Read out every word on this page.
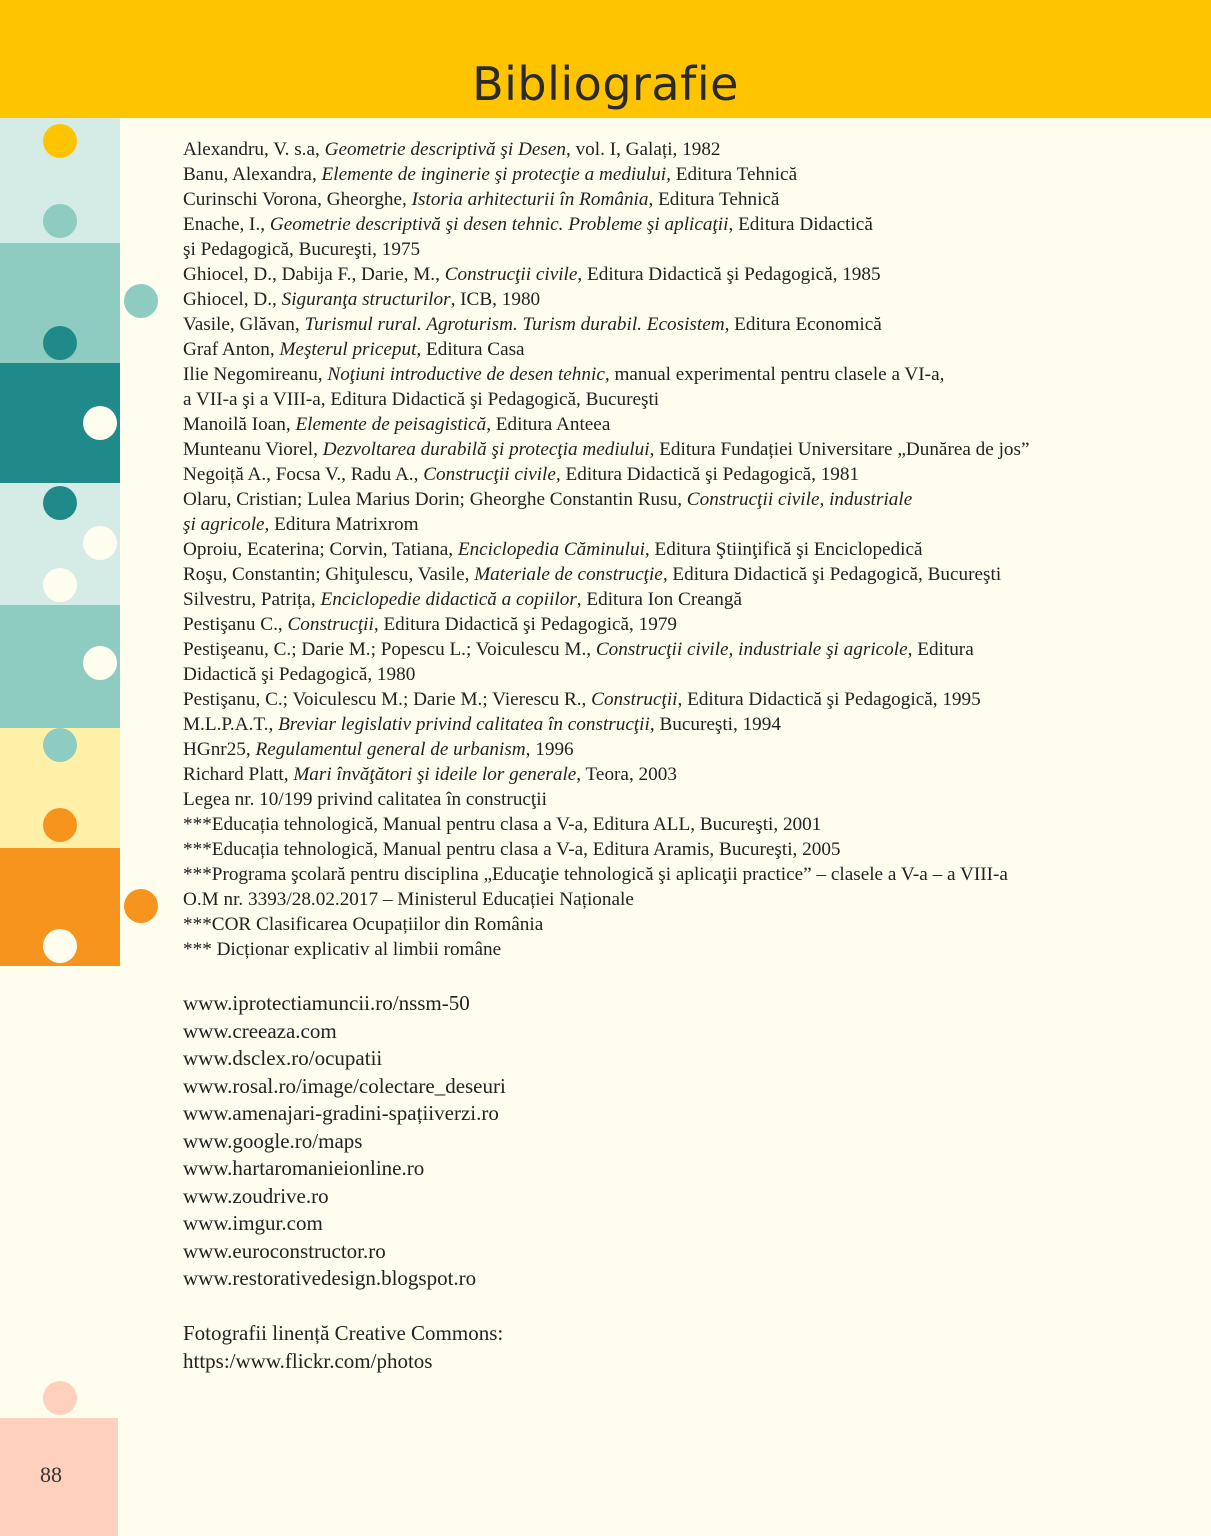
Bibliografie
Alexandru, V. s.a, Geometrie descriptivă şi Desen, vol. I, Galați, 1982
Banu, Alexandra, Elemente de inginerie şi protecţie a mediului, Editura Tehnică
Curinschi Vorona, Gheorghe, Istoria arhitecturii în România, Editura Tehnică
Enache, I., Geometrie descriptivă şi desen tehnic. Probleme şi aplicaţii, Editura Didactică
şi Pedagogică, Bucureşti, 1975
Ghiocel, D., Dabija F., Darie, M., Construcţii civile, Editura Didactică şi Pedagogică, 1985
Ghiocel, D., Siguranţa structurilor, ICB, 1980
Vasile, Glăvan, Turismul rural. Agroturism. Turism durabil. Ecosistem, Editura Economică
Graf Anton, Meşterul priceput, Editura Casa
Ilie Negomireanu, Noţiuni introductive de desen tehnic, manual experimental pentru clasele a VI-a,
a VII-a şi a VIII-a, Editura Didactică şi Pedagogică, Bucureşti
Manoilă Ioan, Elemente de peisagistică, Editura Anteea
Munteanu Viorel, Dezvoltarea durabilă şi protecţia mediului, Editura Fundației Universitare „Dunărea de jos”
Negoiță A., Focsa V., Radu A., Construcţii civile, Editura Didactică şi Pedagogică, 1981
Olaru, Cristian; Lulea Marius Dorin; Gheorghe Constantin Rusu, Construcţii civile, industriale
şi agricole, Editura Matrixrom
Oproiu, Ecaterina; Corvin, Tatiana, Enciclopedia Căminului, Editura Ştiinţifică şi Enciclopedică
Roşu, Constantin; Ghiţulescu, Vasile, Materiale de construcţie, Editura Didactică şi Pedagogică, Bucureşti
Silvestru, Patrița, Enciclopedie didactică a copiilor, Editura Ion Creangă
Pestişanu C., Construcţii, Editura Didactică şi Pedagogică, 1979
Pestişeanu, C.; Darie M.; Popescu L.; Voiculescu M., Construcţii civile, industriale şi agricole, Editura
Didactică şi Pedagogică, 1980
Pestişanu, C.; Voiculescu M.; Darie M.; Vierescu R., Construcţii, Editura Didactică şi Pedagogică, 1995
M.L.P.A.T., Breviar legislativ privind calitatea în construcţii, Bucureşti, 1994
HGnr25, Regulamentul general de urbanism, 1996
Richard Platt, Mari învăţători şi ideile lor generale, Teora, 2003
Legea nr. 10/199 privind calitatea în construcţii
***Educația tehnologică, Manual pentru clasa a V-a, Editura ALL, Bucureşti, 2001
***Educația tehnologică, Manual pentru clasa a V-a, Editura Aramis, Bucureşti, 2005
***Programa şcolară pentru disciplina „Educaţie tehnologică şi aplicaţii practice” – clasele a V-a – a VIII-a
O.M nr. 3393/28.02.2017 – Ministerul Educației Naționale
***COR Clasificarea Ocupațiilor din România
*** Dicționar explicativ al limbii române
www.iprotectiamuncii.ro/nssm-50
www.creeaza.com
www.dsclex.ro/ocupatii
www.rosal.ro/image/colectare_deseuri
www.amenajari-gradini-spațiiverzi.ro
www.google.ro/maps
www.hartaromanieionline.ro
www.zoudrive.ro
www.imgur.com
www.euroconstructor.ro
www.restorativedesign.blogspot.ro
Fotografii linență Creative Commons:
https:/www.flickr.com/photos
88
